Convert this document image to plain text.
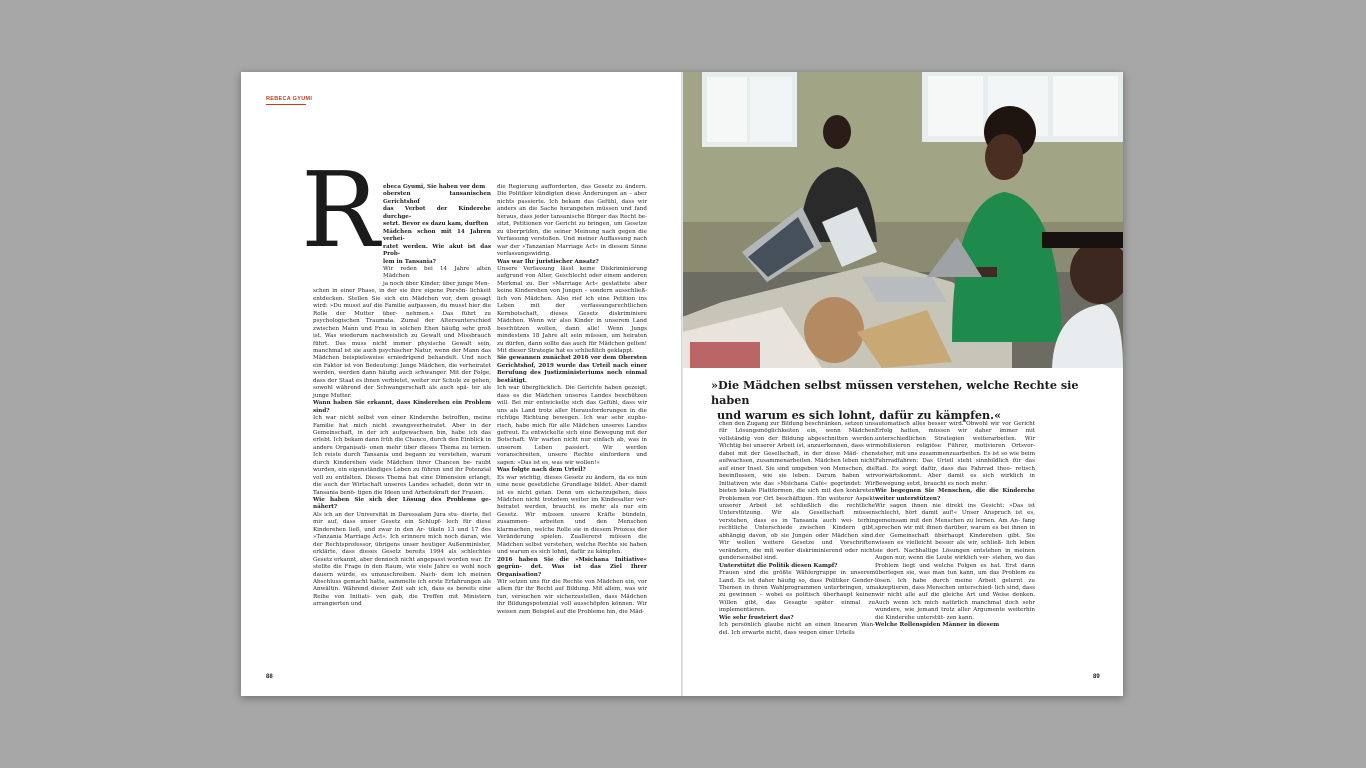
REBECA GYUMI
R ebeca Gyumi, Sie haben vor dem

obersten tansanischen Gerichtshof

das Verbot der Kinderehe durchge-

setzt. Bevor es dazu kam, durften

Mädchen schon mit 14 Jahren verhei-

ratet werden. Wie akut ist das Prob-

lem in Tansania?

Wir reden bei 14 Jahre alten Mädchen

ja noch über Kinder, über junge Men-

schen in einer Phase, in der sie ihre eigene Persön- lichkeit entdecken. Stellen Sie sich ein Mädchen vor, dem gesagt wird: »Du musst auf die Familie aufpassen, du musst hier die Rolle der Mutter über- nehmen.« Das führt zu psychologischen Traumata. Zumal der Altersunterschied zwischen Mann und Frau in solchen Ehen häufig sehr groß ist. Was wiederum nachweislich zu Gewalt und Missbrauch führt. Das muss nicht immer physische Gewalt sein, manchmal ist sie auch psychischer Natur, wenn der Mann das Mädchen beispielsweise erniedrigend behandelt. Und noch ein Faktor ist von Bedeutung: Junge Mädchen, die verheiratet werden, werden dann häufig auch schwanger. Mit der Folge, dass der Staat es ihnen verbietet, weiter zur Schule zu gehen, sowohl während der Schwangerschaft als auch spä- ter als junge Mutter.

Wann haben Sie erkannt, dass Kinderehen ein Problem sind?

Ich war nicht selbst von einer Kinderehe betroffen, meine Familie hat mich nicht zwangsverheiratet. Aber in der Gemeinschaft, in der ich aufgewachsen bin, habe ich das erlebt. Ich bekam dann früh die Chance, durch den Einblick in andere Organisati- onen mehr über dieses Thema zu lernen. Ich reiste durch Tansania und begann zu verstehen, warum durch Kinderehen viele Mädchen ihrer Chancen be- raubt wurden, ein eigenständiges Leben zu führen und ihr Potenzial voll zu entfalten. Dieses Thema hat eine Dimension erlangt, die auch der Wirtschaft unseres Landes schadet, denn wir in Tansania benö- tigen die Ideen und Arbeitskraft der Frauen.

Wie haben Sie sich der Lösung des Problems ge- nähert?

Als ich an der Universität in Daressalam Jura stu- dierte, fiel mir auf, dass unser Gesetz ein Schlupf- loch für diese Kinderehen ließ, und zwar in den Ar- tikeln 13 und 17 des »Tanzania Marriage Act«. Ich erinnere mich noch daran, wie der Rechtsprofessor, übrigens unser heutiger Außenminister, erklärte, dass dieses Gesetz bereits 1994 als schlechtes Gesetz erkannt, aber dennoch nicht angepasst worden war. Er stellte die Frage in den Raum, wie viele Jahre es wohl noch dauern würde, es umzuschreiben. Nach- dem ich meinen Abschluss gemacht hatte, sammelte ich erste Erfahrungen als Anwältin. Während dieser Zeit sah ich, dass es bereits eine Reihe von Initiati- ven gab, die Treffen mit Ministern arrangierten und

die Regierung aufforderten, das Gesetz zu ändern. Die Politiker kündigten diese Änderungen an – aber nichts passierte. Ich bekam das Gefühl, dass wir anders an die Sache herangehen müssen und fand heraus, dass jeder tansanische Bürger das Recht be- sitzt, Petitionen vor Gericht zu bringen, um Gesetze zu überprüfen, die seiner Meinung nach gegen die Verfassung verstoßen. Und meiner Auffassung nach war der »Tanzanian Marriage Act« in diesem Sinne verfassungswidrig.

Was war Ihr juristischer Ansatz?

Unsere Verfassung lässt keine Diskriminierung aufgrund von Alter, Geschlecht oder einem anderen Merkmal zu. Der »Marriage Act« gestattete aber keine Kinderehen von Jungen – sondern ausschließ- lich von Mädchen. Also rief ich eine Petition ins Leben mit der verfassungsrechtlichen Kernbotschaft, dieses Gesetz diskriminiere Mädchen. Wenn wir also Kinder in unserem Land beschützen wollen, dann alle! Wenn Jungs mindestens 18 Jahre alt sein müssen, um heiraten zu dürfen, dann sollte das auch für Mädchen gelten! Mit dieser Strategie hat es schließlich geklappt.

Sie gewannen zunächst 2016 vor dem Obersten Gerichtshof, 2019 wurde das Urteil nach einer Berufung des Justizministeriums noch einmal bestätigt.

Ich war überglücklich. Die Gerichte haben gezeigt, dass es die Mädchen unseres Landes beschützen will. Bei mir entwickelte sich das Gefühl, dass wir uns als Land trotz aller Herausforderungen in die richtige Richtung bewegen. Ich war sehr eupho- risch, habe mich für alle Mädchen unseres Landes gefreut. Es entwickelte sich eine Bewegung mit der Botschaft: Wir warten nicht nur einfach ab, was in unserem Leben passiert. Wir werden voranschreiten, unsere Rechte einfordern und sagen: »Das ist es, was wir wollen!«

Was folgte nach dem Urteil?

Es war wichtig, dieses Gesetz zu ändern, da es nun eine neue gesetzliche Grundlage bildet. Aber damit ist es nicht getan. Denn um sicherzugehen, dass Mädchen nicht trotzdem weiter im Kindesalter ver- heiratet werden, braucht es mehr als nur ein Gesetz. Wir müssen unsere Kräfte bündeln, zusammen- arbeiten und den Menschen klarmachen, welche Rolle sie in diesem Prozess der Veränderung spielen. Zuallererst müssen die Mädchen selbst verstehen, welche Rechte sie haben und warum es sich lohnt, dafür zu kämpfen.

2016 haben Sie die »Msichana Initiative« gegrün- det. Was ist das Ziel Ihrer Organisation?

Wir setzen uns für die Rechte von Mädchen ein, vor allem für ihr Recht auf Bildung. Mit allem, was wir tun, versuchen wir sicherzustellen, dass Mädchen ihr Bildungspotenzial voll ausschöpfen können. Wir weisen zum Beispiel auf die Probleme hin, die Mäd-

88
»Die Mädchen selbst müssen verstehen, welche Rechte sie haben
und warum es sich lohnt, dafür zu kämpfen.«

chen den Zugang zur Bildung beschränken, setzen uns für Lösungsmöglichkeiten ein, wenn Mädchen vollständig von der Bildung abgeschnitten werden. Wichtig bei unserer Arbeit ist, anzuerkennen, dass wir dabei mit der Gesellschaft, in der diese Mäd- chen aufwachsen, zusammenarbeiten. Mädchen leben nicht auf einer Insel. Sie sind umgeben von Menschen, die beeinflussen, wie sie leben. Darum haben wir Initiativen wie das »Msichana Café« gegründet: Wir bieten lokale Plattformen, die sich mit den konkreten Problemen vor Ort beschäftigen. Ein weiterer Aspekt unserer Arbeit ist schließlich die rechtliche Unterstützung. Wir als Gesellschaft müssen verstehen, dass es in Tansania auch wei- terhin rechtliche Unterschiede zwischen Kindern gibt, abhängig davon, ob sie Jungen oder Mädchen sind. Wir wollen weitere Gesetze und Vorschriften verändern, die mit weiter diskriminierend oder nicht gendersensibel sind.

Unterstützt die Politik diesen Kampf?

Frauen sind die größte Wählergruppe in unserem Land. Es ist daher häufig so, dass Politiker Gender- Themen in ihren Wahlprogrammen unterbringen, um zu gewinnen – wobei es politisch überhaupt keinen Willen gibt, das Gesagte später einmal zu implementieren.

Wie sehr frustriert das?

Ich persönlich glaube nicht an einen linearen Wan- del. Ich erwarte nicht, dass wegen einer Urteils

automatisch alles besser wird. Obwohl wir vor Gericht Erfolg hatten, müssen wir daher immer mit unterschiedlichen Strategien weiterarbeiten. Wir mobilisieren religiöse Führer, motivieren Ortsvor- steher, mit uns zusammenzuarbeiten. Es ist so wie beim Fahrradfahren: Das Urteil steht sinnbildlich für das Rad. Es sorgt dafür, dass das Fahrrad theo- retisch vorwärtskommt. Aber damit es sich wirklich in Bewegung setzt, braucht es noch mehr.

Wie begegnen Sie Menschen, die die Kinderehe weiter unterstützen?

Wir sagen ihnen nie direkt ins Gesicht: »Das ist schlecht, hört damit auf!« Unser Anspruch ist es, gemeinsam mit den Menschen zu lernen. Am An- fang sprechen wir mit ihnen darüber, warum es bei ihnen in der Gemeinschaft überhaupt Kinderehen gibt. Sie wissen es vielleicht besser als wir, schließ- lich leben sie dort. Nachhaltige Lösungen entstehen in meinen Augen nur, wenn die Leute wirklich ver- stehen, wo das Problem liegt und welche Folgen es hat. Erst dann überlegen sie, was man tun kann, um das Problem zu lösen. Ich habe durch meine Arbeit gelernt zu akzeptieren, dass Menschen unterschied- lich sind, dass wir nicht alle auf die gleiche Art und Weise denken. Auch wenn ich mich natürlich manchmal doch sehr wundere, wie jemand trotz aller Argumente weiterhin die Kinderehe unterstüt- zen kann.

Welche Rollenspiden Männer in diesem

89
